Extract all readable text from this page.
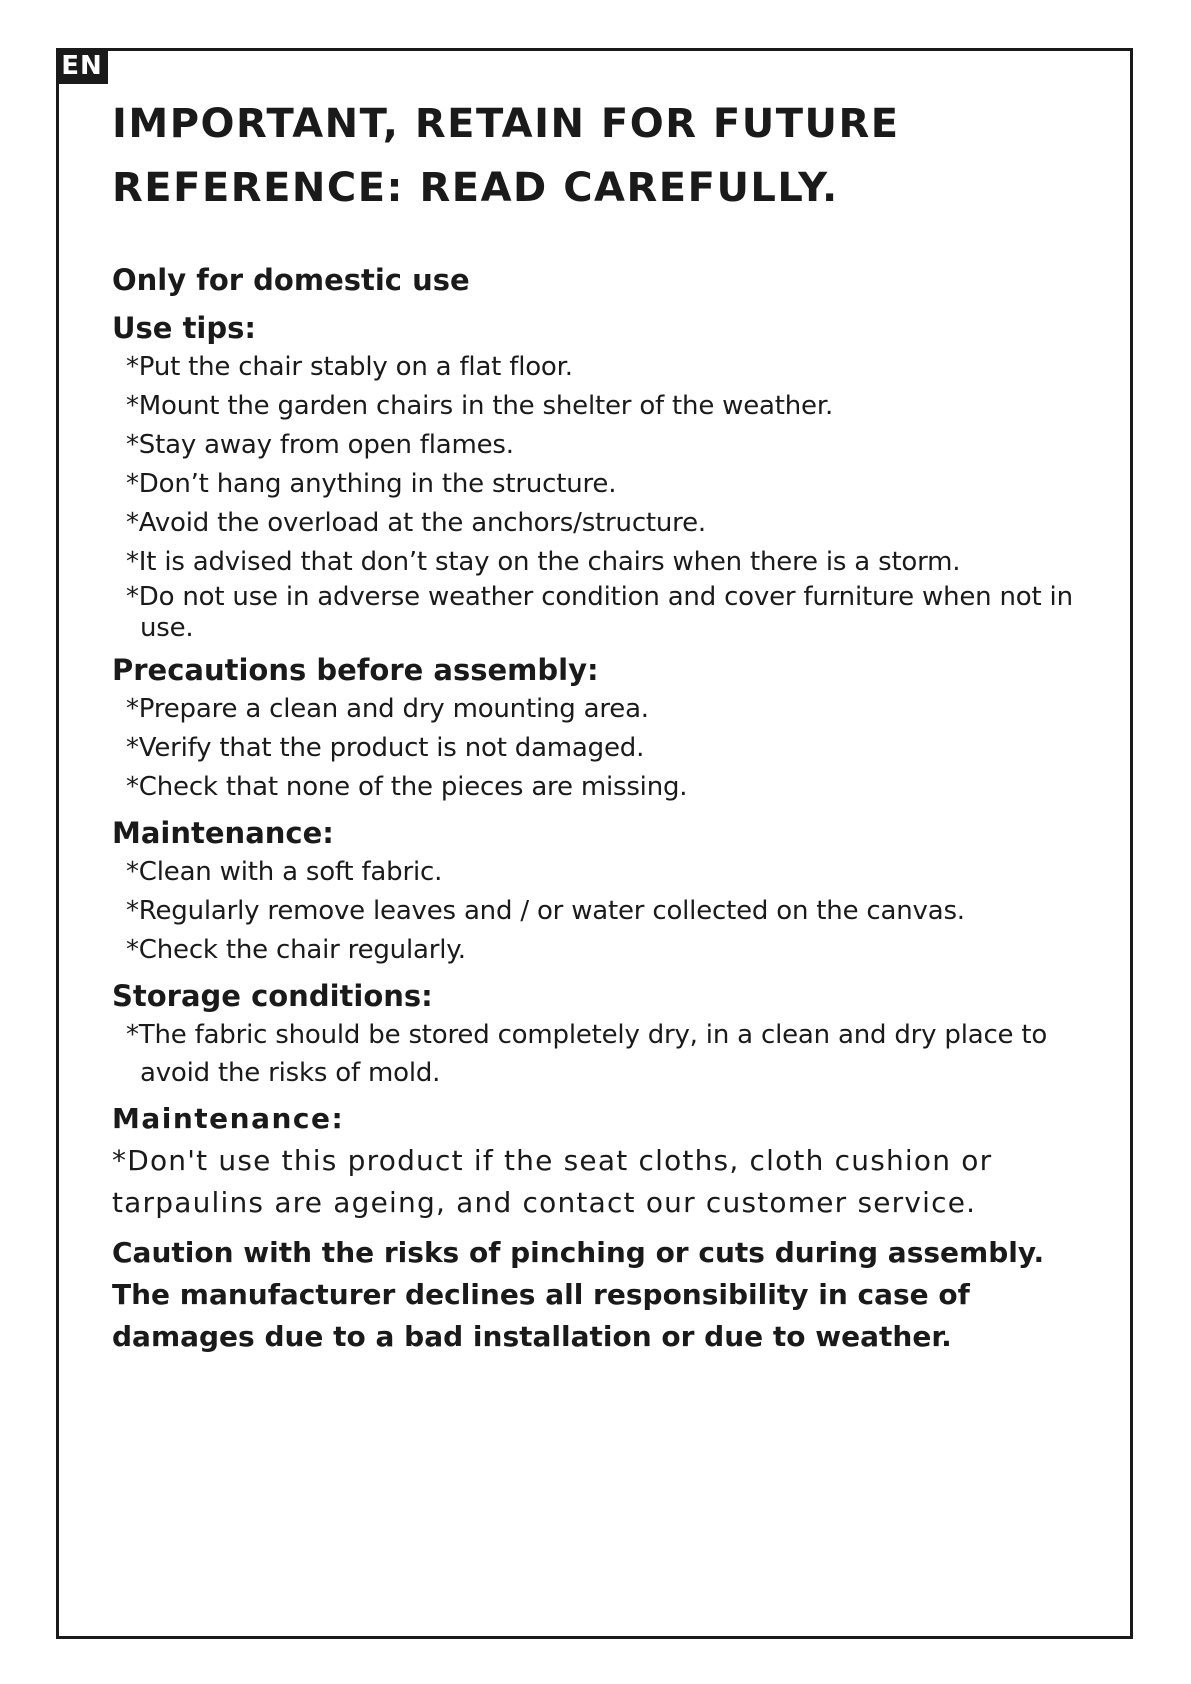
EN
IMPORTANT, RETAIN FOR FUTURE
REFERENCE: READ CAREFULLY.

Only for domestic use

Use tips:

*Put the chair stably on a flat floor.
*Mount the garden chairs in the shelter of the weather.
*Stay away from open flames.
*Don’t hang anything in the structure.
*Avoid the overload at the anchors/structure.
*It is advised that don’t stay on the chairs when there is a storm.
*Do not use in adverse weather condition and cover furniture when not in use.

Precautions before assembly:

*Prepare a clean and dry mounting area.
*Verify that the product is not damaged.
*Check that none of the pieces are missing.

Maintenance:

*Clean with a soft fabric.
*Regularly remove leaves and / or water collected on the canvas.
*Check the chair regularly.

Storage conditions:

*The fabric should be stored completely dry, in a clean and dry place to avoid the risks of mold.

Maintenance:

*Don't use this product if the seat cloths, cloth cushion or tarpaulins are ageing, and contact our customer service.

Caution with the risks of pinching or cuts during assembly.

The manufacturer declines all responsibility in case of damages due to a bad installation or due to weather.
